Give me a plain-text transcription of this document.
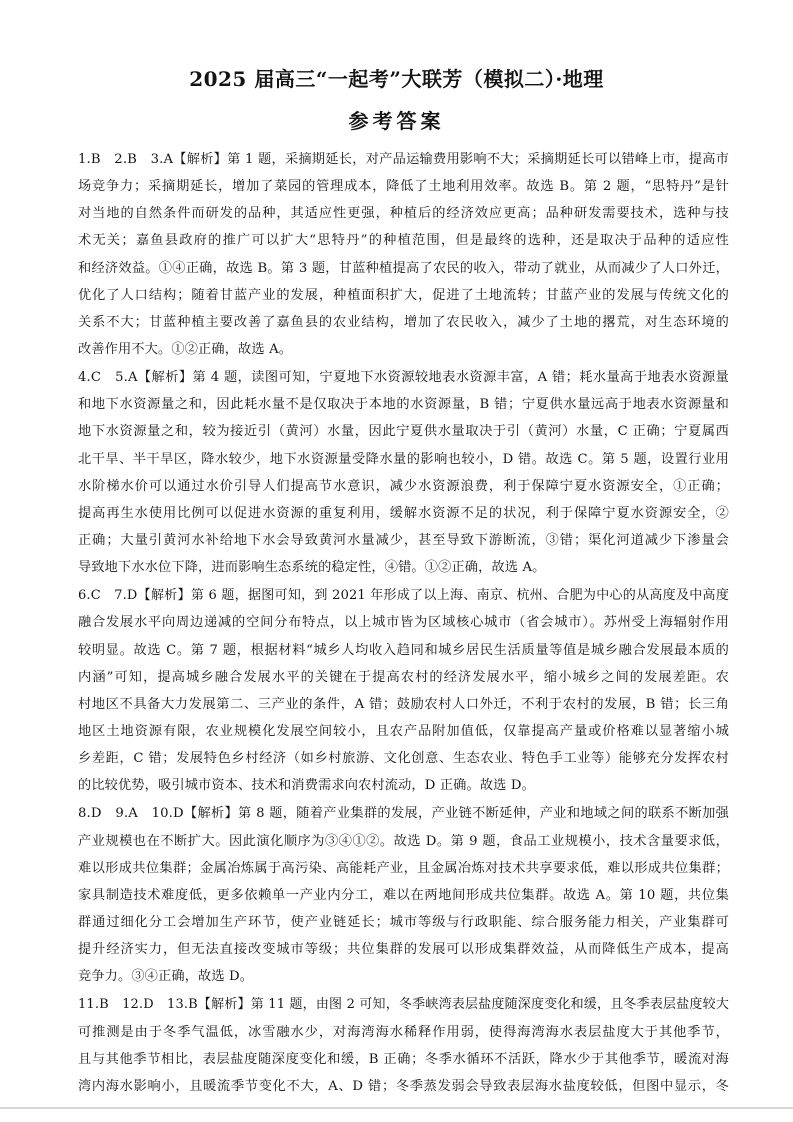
2025 届高三“一起考”大联芳（模拟二）·地理
参考答案
1.B　2.B　3.A【解析】第 1 题，采摘期延长，对产品运输费用影响不大；采摘期延长可以错峰上市，提高市
场竞争力；采摘期延长，增加了菜园的管理成本，降低了土地利用效率。故选 B。第 2 题，“思特丹”是针
对当地的自然条件而研发的品种，其适应性更强，种植后的经济效应更高；品种研发需要技术，选种与技
术无关；嘉鱼县政府的推广可以扩大“思特丹”的种植范围，但是最终的选种，还是取决于品种的适应性
和经济效益。①④正确，故选 B。第 3 题，甘蓝种植提高了农民的收入，带动了就业，从而减少了人口外迁，
优化了人口结构；随着甘蓝产业的发展，种植面积扩大，促进了土地流转；甘蓝产业的发展与传统文化的
关系不大；甘蓝种植主要改善了嘉鱼县的农业结构，增加了农民收入，减少了土地的撂荒，对生态环境的
改善作用不大。①②正确，故选 A。
4.C　5.A【解析】第 4 题，读图可知，宁夏地下水资源较地表水资源丰富，A 错；耗水量高于地表水资源量
和地下水资源量之和，因此耗水量不是仅取决于本地的水资源量，B 错；宁夏供水量远高于地表水资源量和
地下水资源量之和，较为接近引（黄河）水量，因此宁夏供水量取决于引（黄河）水量，C 正确；宁夏属西
北干旱、半干旱区，降水较少，地下水资源量受降水量的影响也较小，D 错。故选 C。第 5 题，设置行业用
水阶梯水价可以通过水价引导人们提高节水意识，减少水资源浪费，利于保障宁夏水资源安全，①正确；
提高再生水使用比例可以促进水资源的重复利用，缓解水资源不足的状况，利于保障宁夏水资源安全，②
正确；大量引黄河水补给地下水会导致黄河水量减少，甚至导致下游断流，③错；渠化河道减少下渗量会
导致地下水水位下降，进而影响生态系统的稳定性，④错。①②正确，故选 A。
6.C　7.D【解析】第 6 题，据图可知，到 2021 年形成了以上海、南京、杭州、合肥为中心的从高度及中高度
融合发展水平向周边递减的空间分布特点，以上城市皆为区域核心城市（省会城市）。苏州受上海辐射作用
较明显。故选 C。第 7 题，根据材料“城乡人均收入趋同和城乡居民生活质量等值是城乡融合发展最本质的
内涵”可知，提高城乡融合发展水平的关键在于提高农村的经济发展水平，缩小城乡之间的发展差距。农
村地区不具备大力发展第二、三产业的条件，A 错；鼓励农村人口外迁，不利于农村的发展，B 错；长三角
地区土地资源有限，农业规模化发展空间较小，且农产品附加值低，仅靠提高产量或价格难以显著缩小城
乡差距，C 错；发展特色乡村经济（如乡村旅游、文化创意、生态农业、特色手工业等）能够充分发挥农村
的比较优势，吸引城市资本、技术和消费需求向农村流动，D 正确。故选 D。
8.D　9.A　10.D【解析】第 8 题，随着产业集群的发展，产业链不断延伸，产业和地域之间的联系不断加强
产业规模也在不断扩大。因此演化顺序为③④①②。故选 D。第 9 题，食品工业规模小，技术含量要求低，
难以形成共位集群；金属冶炼属于高污染、高能耗产业，且金属冶炼对技术共享要求低，难以形成共位集群；
家具制造技术难度低，更多依赖单一产业内分工，难以在两地间形成共位集群。故选 A。第 10 题，共位集
群通过细化分工会增加生产环节，使产业链延长；城市等级与行政职能、综合服务能力相关，产业集群可
提升经济实力，但无法直接改变城市等级；共位集群的发展可以形成集群效益，从而降低生产成本，提高
竞争力。③④正确，故选 D。
11.B　12.D　13.B【解析】第 11 题，由图 2 可知，冬季峡湾表层盐度随深度变化和缓，且冬季表层盐度较大
可推测是由于冬季气温低，冰雪融水少，对海湾海水稀释作用弱，使得海湾海水表层盐度大于其他季节，
且与其他季节相比，表层盐度随深度变化和缓，B 正确；冬季水循环不活跃，降水少于其他季节，暖流对海
湾内海水影响小，且暖流季节变化不大，A、D 错；冬季蒸发弱会导致表层海水盐度较低，但图中显示，冬
